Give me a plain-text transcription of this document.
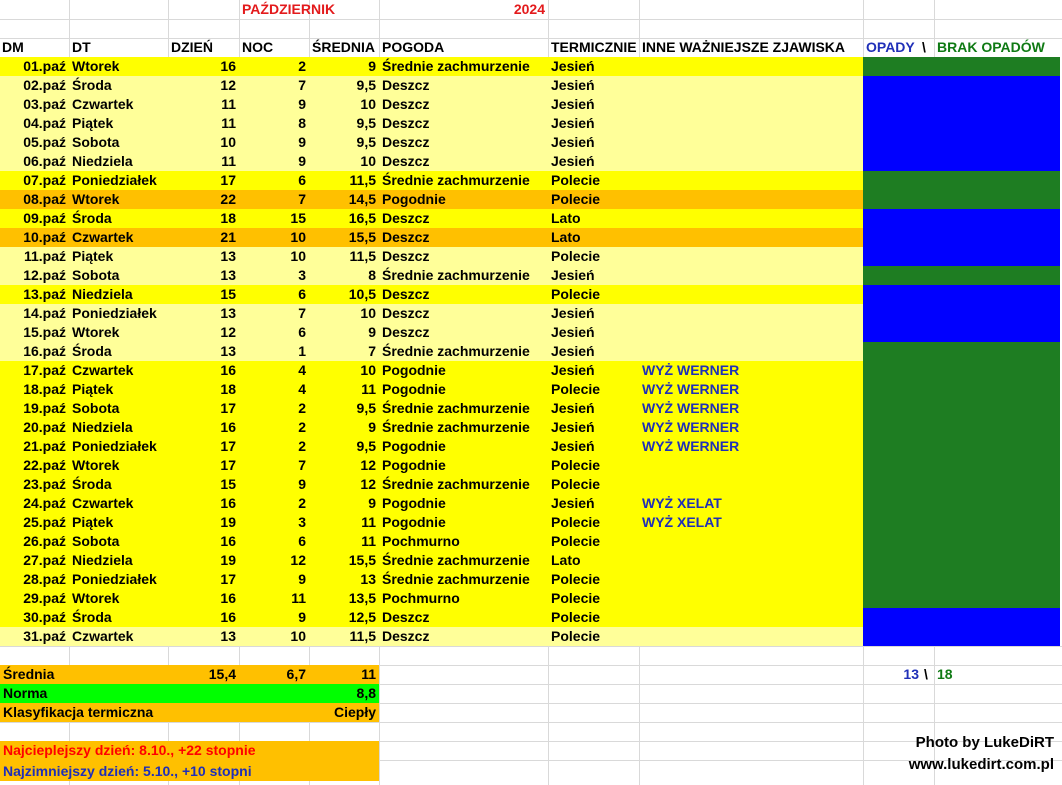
PAŹDZIERNIK	2024
DM	DT	DZIEŃ	NOC	ŚREDNIA POGODA	TERMICZNIE INNE WAŻNIEJSZE ZJAWISKA	OPADY \ BRAK OPADÓW
01.paź Wtorek	16	2	9 Średnie zachmurzenie	Jesień
02.paź Środa	12	7	9,5 Deszcz	Jesień
03.paź Czwartek	11	9	10 Deszcz	Jesień
04.paź Piątek	11	8	9,5 Deszcz	Jesień
05.paź Sobota	10	9	9,5 Deszcz	Jesień
06.paź Niedziela	11	9	10 Deszcz	Jesień
07.paź Poniedziałek	17	6	11,5 Średnie zachmurzenie	Polecie
08.paź Wtorek	22	7	14,5 Pogodnie	Polecie
09.paź Środa	18	15	16,5 Deszcz	Lato
10.paź Czwartek	21	10	15,5 Deszcz	Lato
11.paź Piątek	13	10	11,5 Deszcz	Polecie
12.paź Sobota	13	3	8 Średnie zachmurzenie	Jesień
13.paź Niedziela	15	6	10,5 Deszcz	Polecie
14.paź Poniedziałek	13	7	10 Deszcz	Jesień
15.paź Wtorek	12	6	9 Deszcz	Jesień
16.paź Środa	13	1	7 Średnie zachmurzenie	Jesień
17.paź Czwartek	16	4	10 Pogodnie	Jesień	WYŻ WERNER
18.paź Piątek	18	4	11 Pogodnie	Polecie	WYŻ WERNER
19.paź Sobota	17	2	9,5 Średnie zachmurzenie	Jesień	WYŻ WERNER
20.paź Niedziela	16	2	9 Średnie zachmurzenie	Jesień	WYŻ WERNER
21.paź Poniedziałek	17	2	9,5 Pogodnie	Jesień	WYŻ WERNER
22.paź Wtorek	17	7	12 Pogodnie	Polecie
23.paź Środa	15	9	12 Średnie zachmurzenie	Polecie
24.paź Czwartek	16	2	9 Pogodnie	Jesień	WYŻ XELAT
25.paź Piątek	19	3	11 Pogodnie	Polecie	WYŻ XELAT
26.paź Sobota	16	6	11 Pochmurno	Polecie
27.paź Niedziela	19	12	15,5 Średnie zachmurzenie	Lato
28.paź Poniedziałek	17	9	13 Średnie zachmurzenie	Polecie
29.paź Wtorek	16	11	13,5 Pochmurno	Polecie
30.paź Środa	16	9	12,5 Deszcz	Polecie
31.paź Czwartek	13	10	11,5 Deszcz	Polecie
Średnia	15,4	6,7	11	13 \ 18
Norma	8,8
Klasyfikacja termiczna	Ciepły
Najcieplejszy dzień: 8.10., +22 stopnie
Najzimniejszy dzień: 5.10., +10 stopni
Photo by LukeDiRT
www.lukedirt.com.pl
